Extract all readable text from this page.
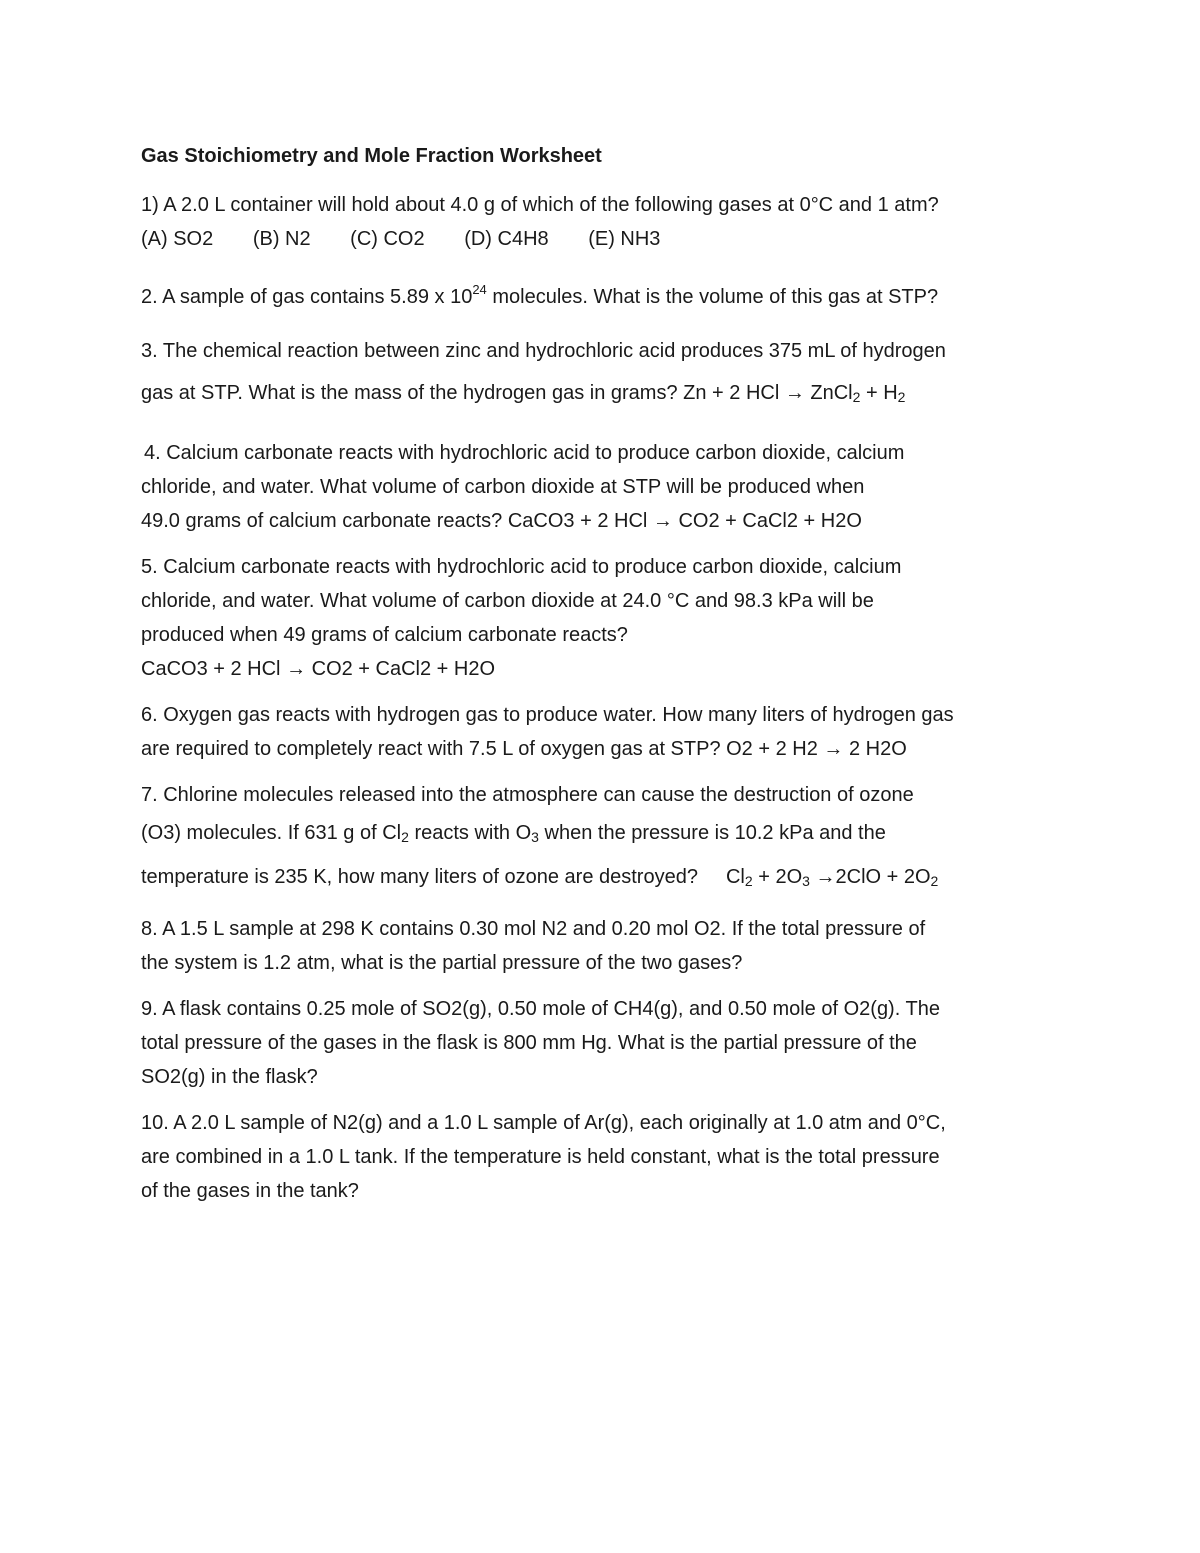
Gas Stoichiometry and Mole Fraction Worksheet
1) A 2.0 L container will hold about 4.0 g of which of the following gases at 0°C and 1 atm?
(A) SO2 (B) N2 (C) CO2 (D) C4H8 (E) NH3
2. A sample of gas contains 5.89 x $10^{24}$ molecules. What is the volume of this gas at STP?
3. The chemical reaction between zinc and hydrochloric acid produces 375 mL of hydrogen
gas at STP. What is the mass of the hydrogen gas in grams? Zn + 2 HCl → ZnCl$_2$ + $H_2$
4. Calcium carbonate reacts with hydrochloric acid to produce carbon dioxide, calcium
chloride, and water. What volume of carbon dioxide at STP will be produced when
49.0 grams of calcium carbonate reacts? CaCO3 + 2 HCl → CO2 + CaCl2 + H2O
5. Calcium carbonate reacts with hydrochloric acid to produce carbon dioxide, calcium
chloride, and water. What volume of carbon dioxide at 24.0 °C and 98.3 kPa will be
produced when 49 grams of calcium carbonate reacts?
CaCO3 + 2 HCl → CO2 + CaCl2 + H2O
6. Oxygen gas reacts with hydrogen gas to produce water. How many liters of hydrogen gas
are required to completely react with 7.5 L of oxygen gas at STP? O2 + 2 H2 → 2 H2O
7. Chlorine molecules released into the atmosphere can cause the destruction of ozone
(O3) molecules. If 631 g of $Cl_2$ reacts with $O_3$ when the pressure is 10.2 kPa and the
temperature is 235 K, how many liters of ozone are destroyed? $Cl_2 + 2O_3 \to 2ClO + 2O_2$
8. A 1.5 L sample at 298 K contains 0.30 mol N2 and 0.20 mol O2. If the total pressure of
the system is 1.2 atm, what is the partial pressure of the two gases?
9. A flask contains 0.25 mole of SO2(g), 0.50 mole of CH4(g), and 0.50 mole of O2(g). The
total pressure of the gases in the flask is 800 mm Hg. What is the partial pressure of the
SO2(g) in the flask?
10. A 2.0 L sample of N2(g) and a 1.0 L sample of Ar(g), each originally at 1.0 atm and 0°C,
are combined in a 1.0 L tank. If the temperature is held constant, what is the total pressure
of the gases in the tank?
